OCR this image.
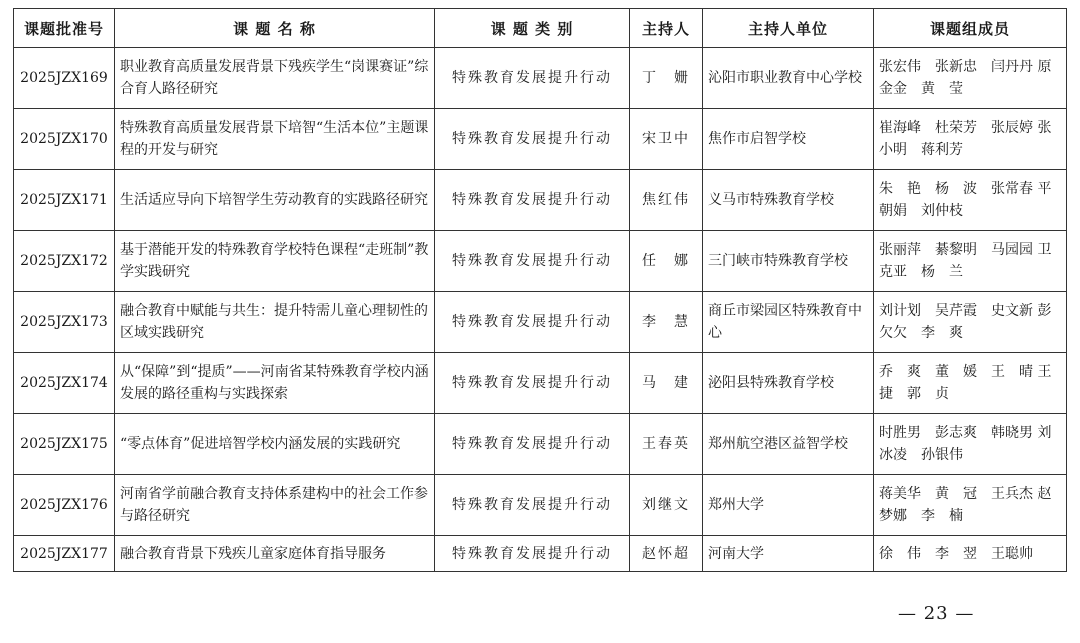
课题批准号	课 题 名 称	课 题 类 别	主持人	主持人单位	课题组成员
2025JZX169	职业教育高质量发展背景下残疾学生“岗课赛证”综合育人路径研究	特殊教育发展提升行动	丁　姗	沁阳市职业教育中心学校	张宏伟　张新忠　闫丹丹 原金金　黄　莹
2025JZX170	特殊教育高质量发展背景下培智“生活本位”主题课程的开发与研究	特殊教育发展提升行动	宋卫中	焦作市启智学校	崔海峰　杜荣芳　张辰婷 张小明　蒋利芳
2025JZX171	生活适应导向下培智学生劳动教育的实践路径研究	特殊教育发展提升行动	焦红伟	义马市特殊教育学校	朱　艳　杨　波　张常春 平朝娟　刘仲枝
2025JZX172	基于潜能开发的特殊教育学校特色课程“走班制”教学实践研究	特殊教育发展提升行动	任　娜	三门峡市特殊教育学校	张丽萍　綦黎明　马园园 卫克亚　杨　兰
2025JZX173	融合教育中赋能与共生：提升特需儿童心理韧性的区域实践研究	特殊教育发展提升行动	李　慧	商丘市梁园区特殊教育中心	刘计划　吴芹霞　史文新 彭欠欠　李　爽
2025JZX174	从“保障”到“提质”——河南省某特殊教育学校内涵发展的路径重构与实践探索	特殊教育发展提升行动	马　建	泌阳县特殊教育学校	乔　爽　董　媛　王　晴 王　捷　郭　贞
2025JZX175	“零点体育”促进培智学校内涵发展的实践研究	特殊教育发展提升行动	王春英	郑州航空港区益智学校	时胜男　彭志爽　韩晓男 刘冰凌　孙银伟
2025JZX176	河南省学前融合教育支持体系建构中的社会工作参与路径研究	特殊教育发展提升行动	刘继文	郑州大学	蒋美华　黄　冠　王兵杰 赵梦娜　李　楠
2025JZX177	融合教育背景下残疾儿童家庭体育指导服务	特殊教育发展提升行动	赵怀超	河南大学	徐　伟　李　翌　王聪帅
— 23 —
